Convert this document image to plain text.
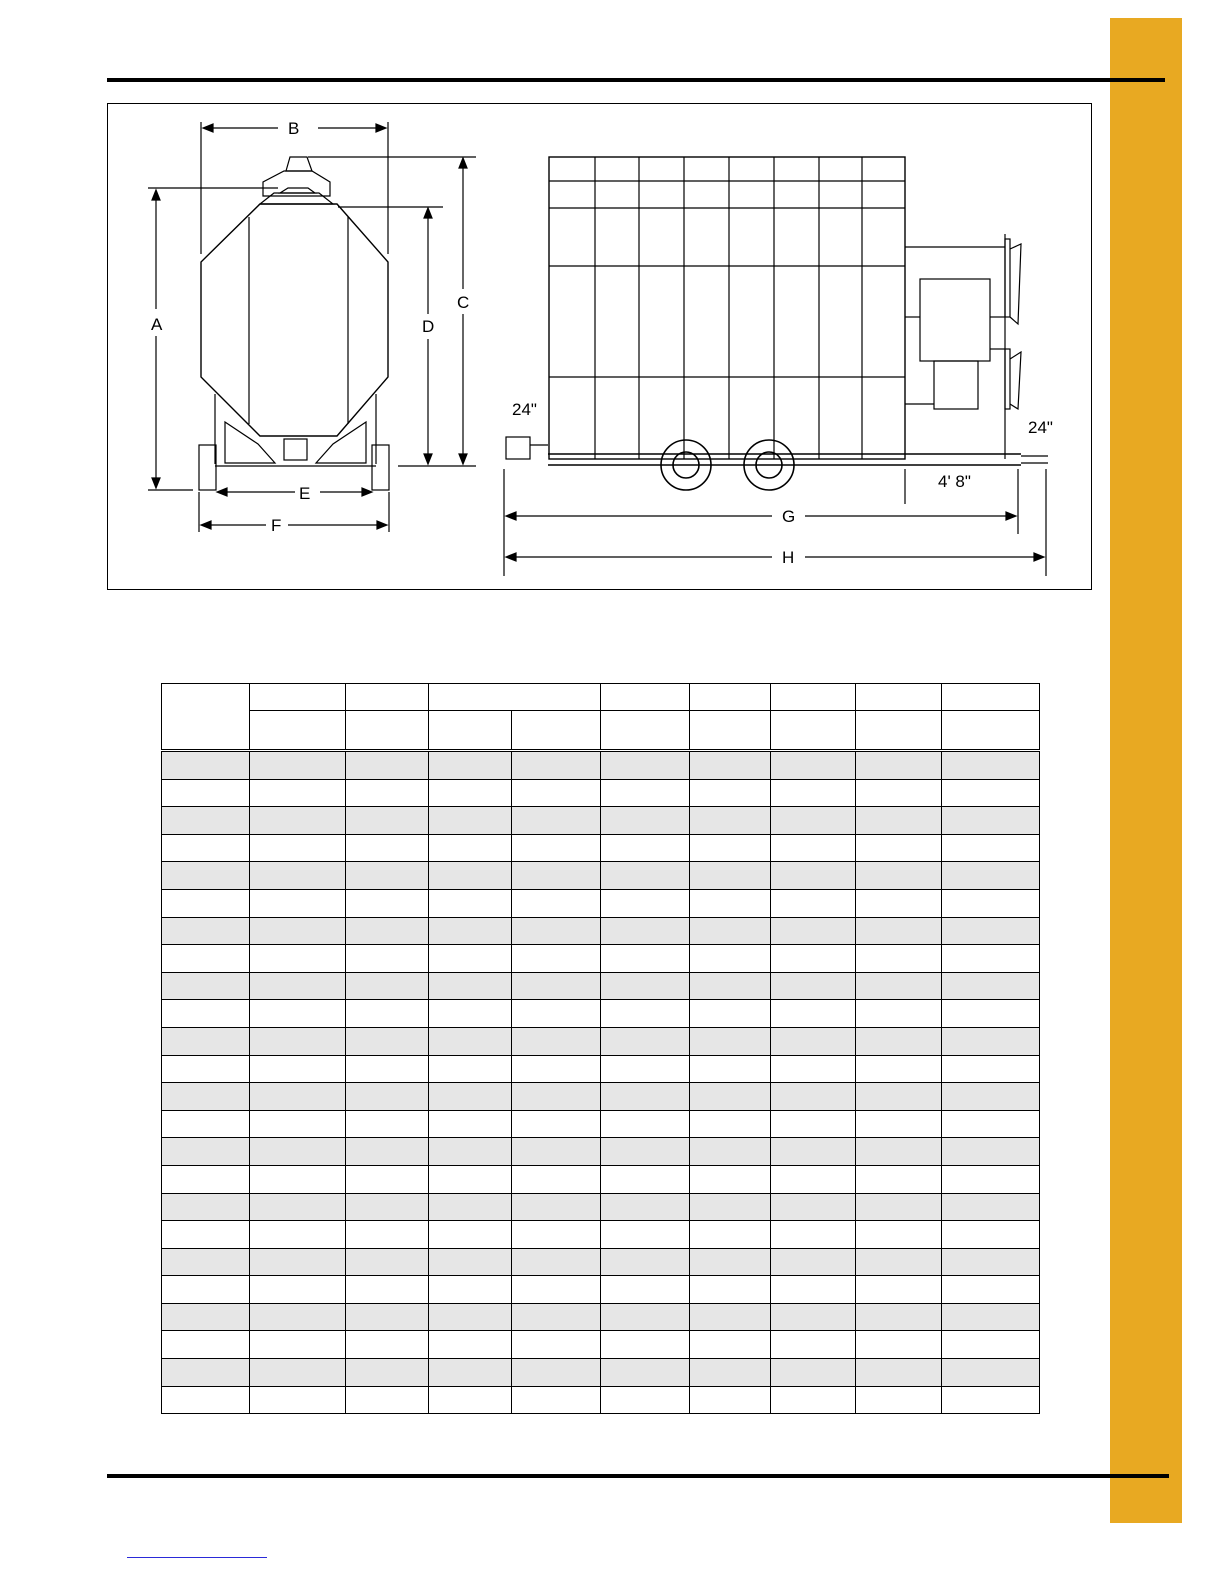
A
B
C
D
E
F
24"
24"
4' 8"
G
H
